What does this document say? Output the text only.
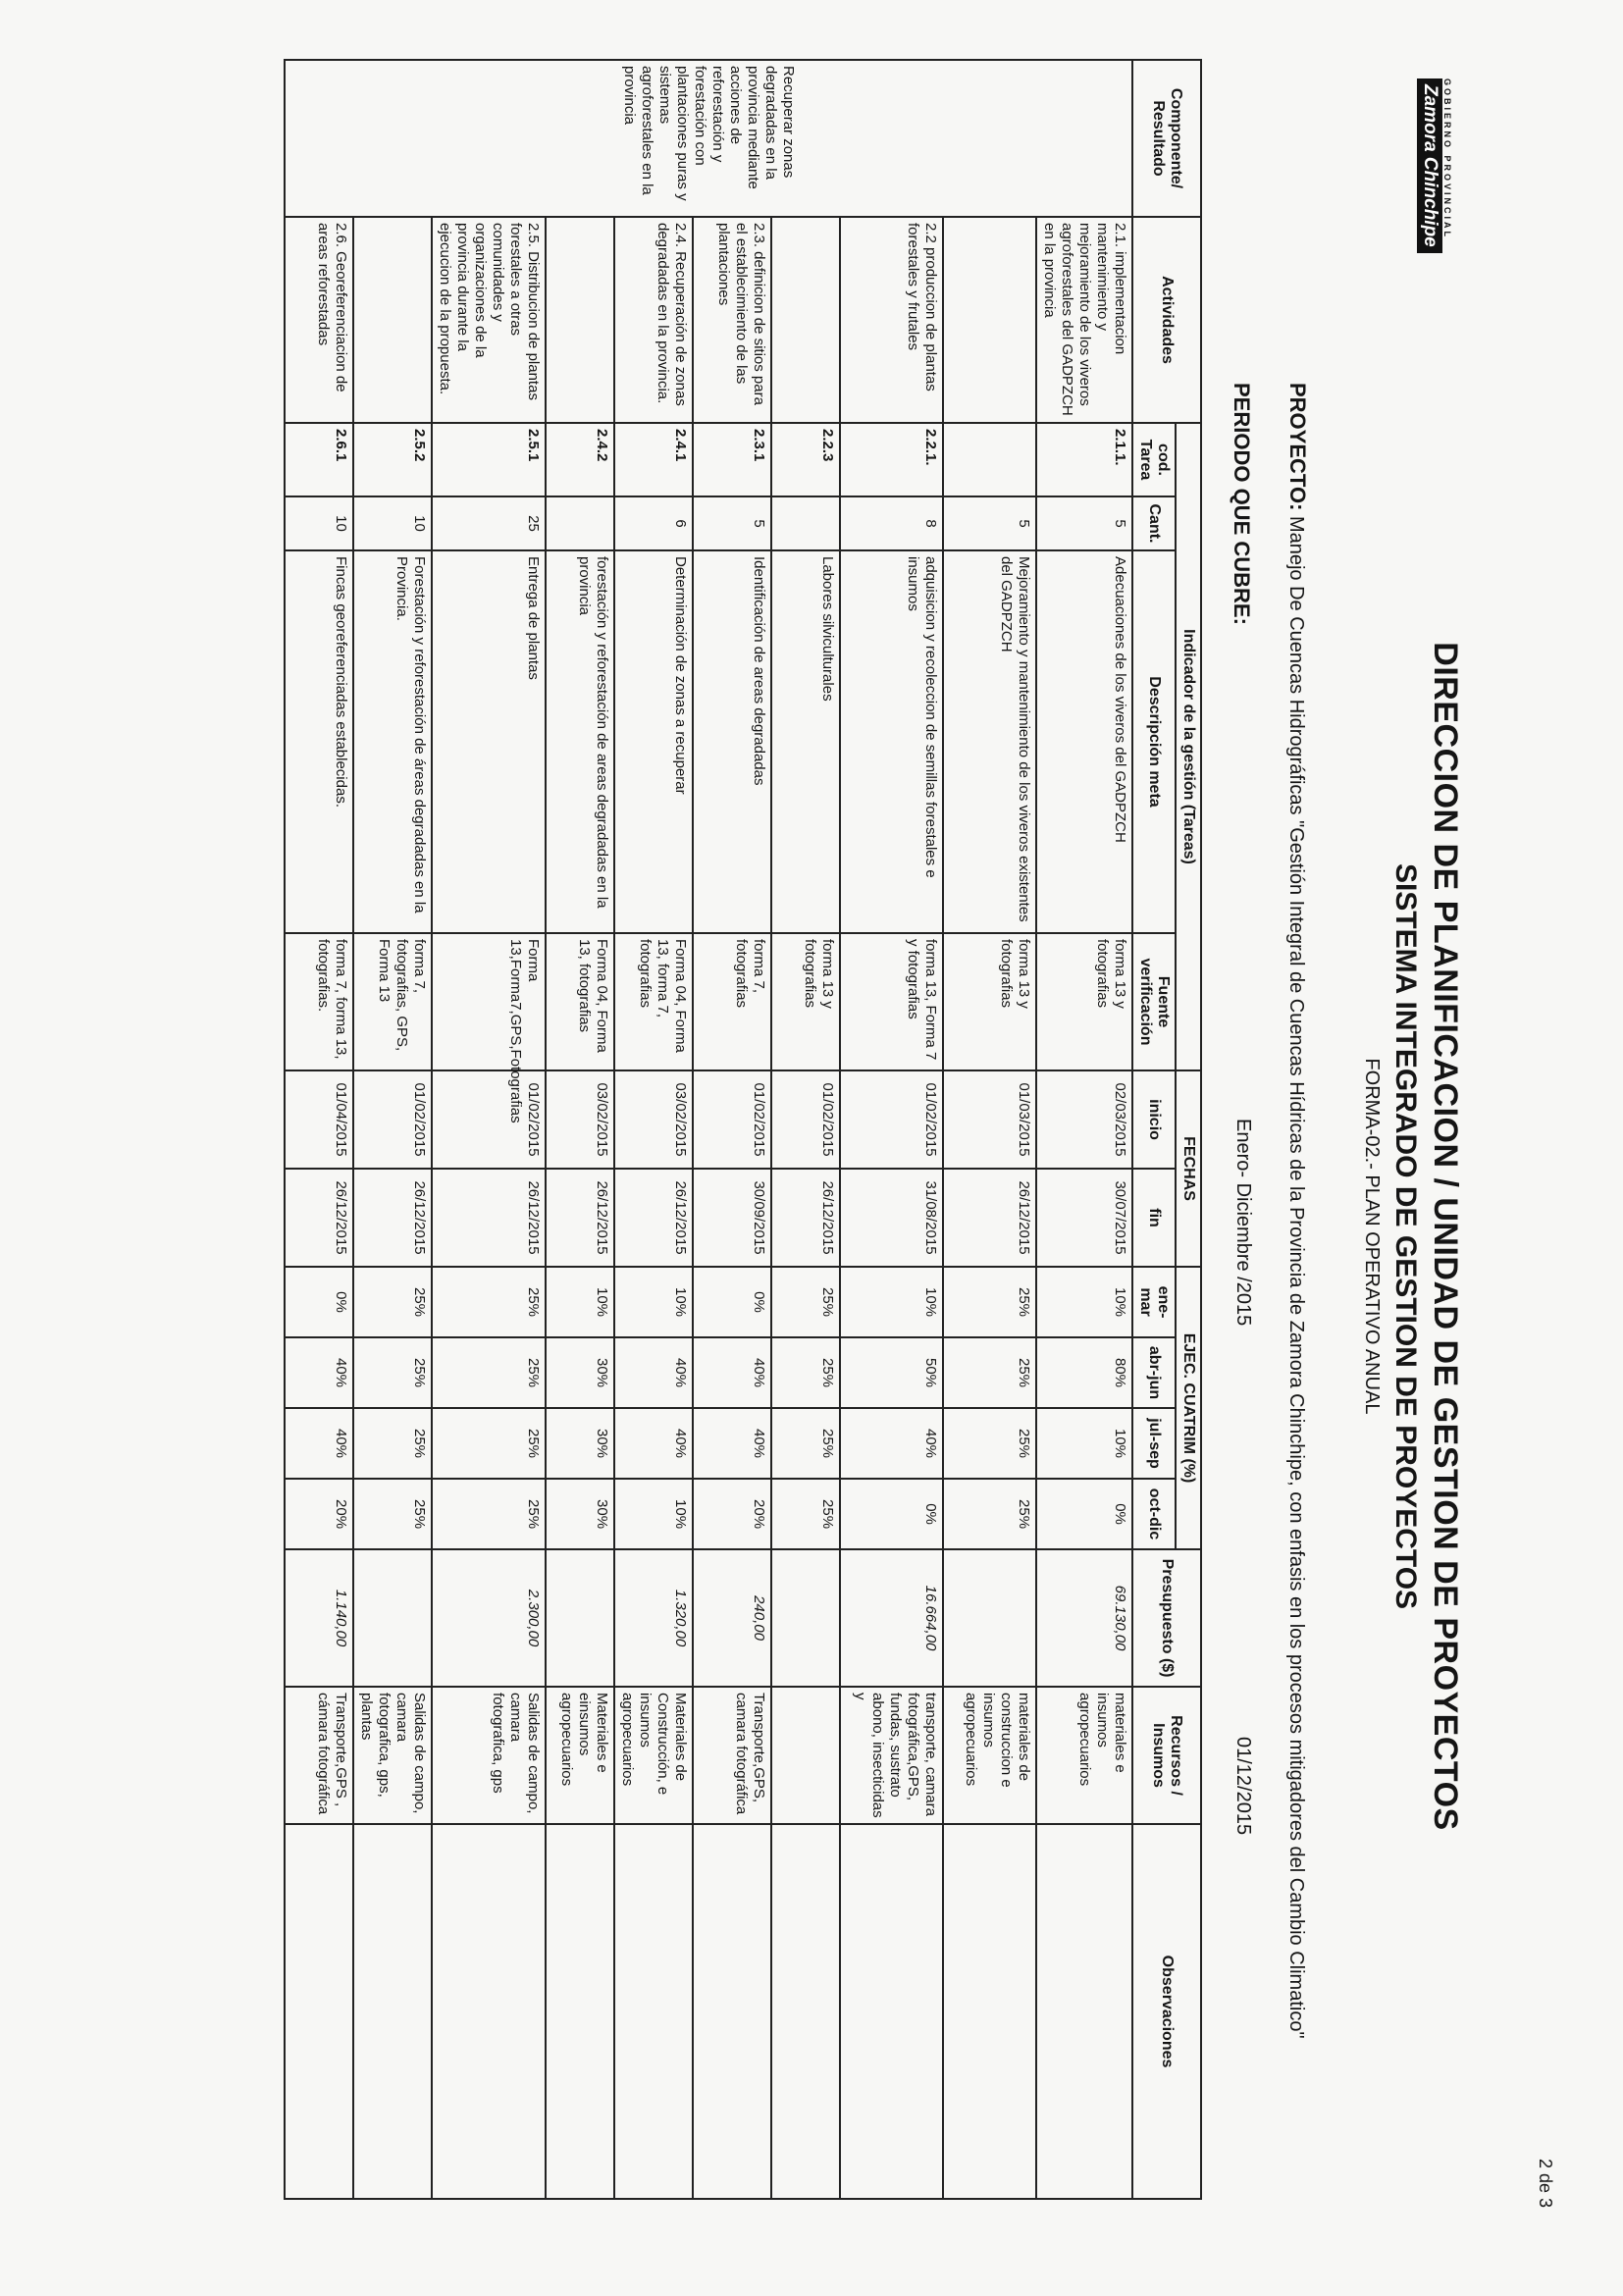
GOBIERNO PROVINCIAL
Zamora Chinchipe
DIRECCION DE PLANIFICACION / UNIDAD DE GESTION DE PROYECTOS
SISTEMA INTEGRADO DE GESTION DE PROYECTOS
FORMA-02.- PLAN OPERATIVO ANUAL
PROYECTO: Manejo De Cuencas Hidrográficas "Gestión Integral de Cuencas Hídricas de la Provincia de Zamora Chinchipe, con enfasis en los procesos mitigadores del Cambio Climatico"
PERIODO QUE CUBRE:
Enero- Diciembre /2015
01/12/2015
Componente/ Resultado	Actividades	Indicador de la gestión (Tareas)				FECHAS		EJEC. CUATRIM (%)				Presupuesto ($)	Recursos / Insumos	Observaciones
		cod. Tarea	Cant.	Descripción meta	Fuente verificación									
						inicio	fin	ene-mar	abr-jun	jul-sep	oct-dic			
Recuperar zonas degradadas en la provincia mediante acciones de reforestación y forestación con plantaciones puras y sistemas agroforestales en la provincia	2.1. implementacion mantenimiento y mejoramiento de los viveros agroforestales del GADPZCH en la provincia	2.1.1.	5	Adecuaciones de los viveros del GADPZCH	forma 13 y fotografias	02/03/2015	30/07/2015	10%	80%	10%	0%	69.130,00	materiales e insumos agropecuarios	
			5	Mejoramiento y mantenimiento de los viveros existentes del GADPZCH	forma 13 y fotografias	01/03/2015	26/12/2015	25%	25%	25%	25%		materiales de construccion e insumos agropecuarios	
	2.2 produccion de plantas forestales y frutales	2.2.1.	8	adquisicion y recoleccion de semillas forestales e insumos	forma 13, Forma 7 y fotografias	01/02/2015	31/08/2015	10%	50%	40%	0%	16.664,00	transporte, camara fotográfica,GPS, fundas, sustrato abono, insecticidas y	
		2.2.3		Labores silviculturales	forma 13 y fotografias	01/02/2015	26/12/2015	25%	25%	25%	25%			
	2.3. definicion de sitios para el establecimiento de las plantaciones	2.3.1	5	Identificación de areas degradadas	forma 7, fotografias	01/02/2015	30/09/2015	0%	40%	40%	20%	240,00	Transporte,GPS, camara fotográfica	
	2.4. Recuperación de zonas degradadas en la provincia.	2.4.1	6	Determinación de zonas a recuperar	Forma 04, Forma 13, forma 7, fotografias	03/02/2015	26/12/2015	10%	40%	40%	10%	1.320,00	Materiales de Construcción, e insumos agropecuarios	
		2.4.2		forestación y reforestación de areas degradadas en la provincia	Forma 04, Forma 13, fotografias	03/02/2015	26/12/2015	10%	30%	30%	30%		Materiales e einsumos agropecuarios	
	2.5. Distribucion de plantas forestales a otras comunidades y organizaciones de la provincia durante la ejecucion de la propuesta.	2.5.1	25	Entrega de plantas	Forma 13,Forma7,GPS,Fotografias	01/02/2015	26/12/2015	25%	25%	25%	25%	2.300,00	Salidas de campo, camara fotografica, gps	
		2.5.2	10	Forestación y reforestación de áreas degradadas en la Provincia.	forma 7, fotografias, GPS, Forma 13	01/02/2015	26/12/2015	25%	25%	25%	25%		Salidas de campo, camara fotografica, gps, plantas	
	2.6. Georeferenciacion de areas reforestadas	2.6.1	10	Fincas georeferenciadas establecidas.	forma 7, forma 13, fotografias.	01/04/2015	26/12/2015	0%	40%	40%	20%	1.140,00	Transporte,GPS , cámara fotográfica	
2 de 3
